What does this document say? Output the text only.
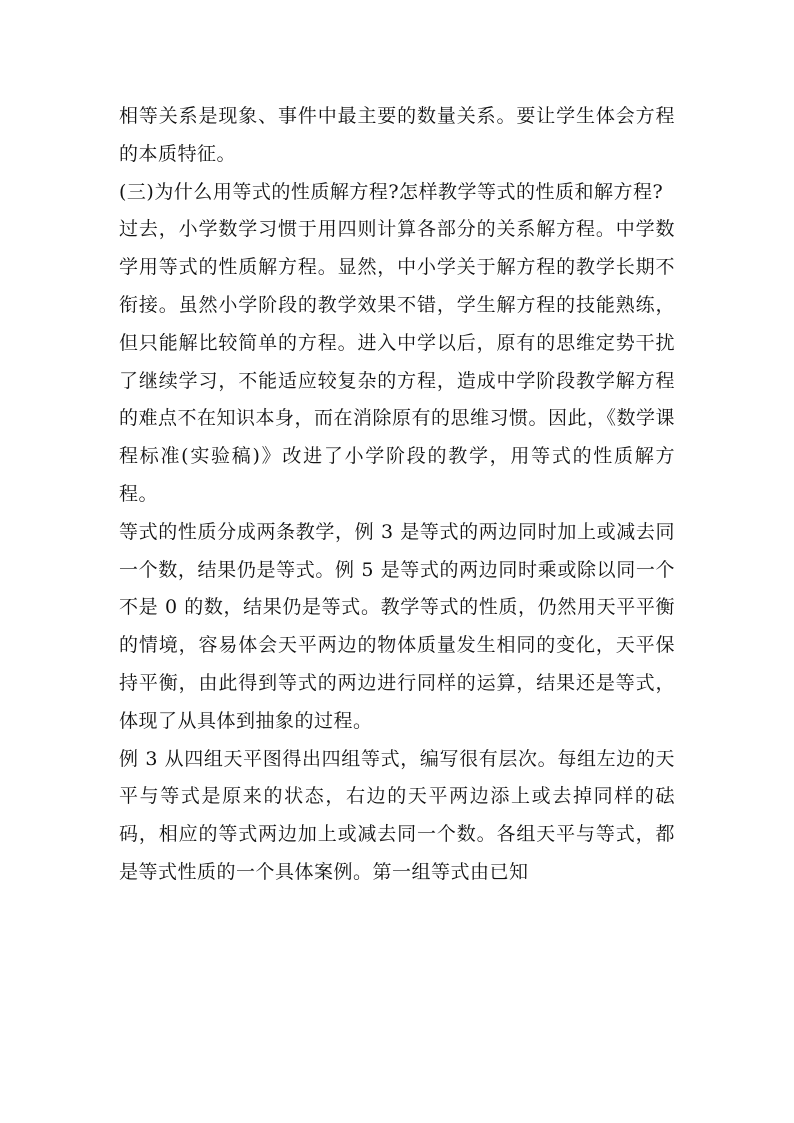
相等关系是现象、事件中最主要的数量关系。要让学生体会方程的本质特征。

(三)为什么用等式的性质解方程?怎样教学等式的性质和解方程?

过去，小学数学习惯于用四则计算各部分的关系解方程。中学数学用等式的性质解方程。显然，中小学关于解方程的教学长期不衔接。虽然小学阶段的教学效果不错，学生解方程的技能熟练，但只能解比较简单的方程。进入中学以后，原有的思维定势干扰了继续学习，不能适应较复杂的方程，造成中学阶段教学解方程的难点不在知识本身，而在消除原有的思维习惯。因此，《数学课程标准(实验稿)》改进了小学阶段的教学，用等式的性质解方程。

等式的性质分成两条教学，例 3 是等式的两边同时加上或减去同一个数，结果仍是等式。例 5 是等式的两边同时乘或除以同一个不是 0 的数，结果仍是等式。教学等式的性质，仍然用天平平衡的情境，容易体会天平两边的物体质量发生相同的变化，天平保持平衡，由此得到等式的两边进行同样的运算，结果还是等式，体现了从具体到抽象的过程。

例 3 从四组天平图得出四组等式，编写很有层次。每组左边的天平与等式是原来的状态，右边的天平两边添上或去掉同样的砝码，相应的等式两边加上或减去同一个数。各组天平与等式，都是等式性质的一个具体案例。第一组等式由已知
